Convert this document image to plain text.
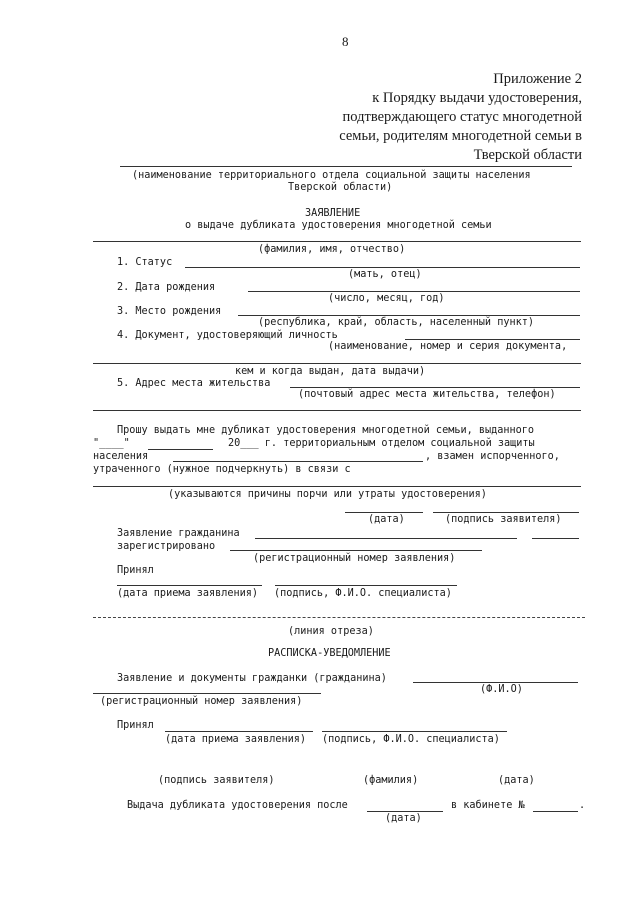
8
Приложение 2
к Порядку выдачи удостоверения,
подтверждающего статус многодетной
семьи, родителям многодетной семьи в
Тверской области
(наименование территориального отдела социальной защиты населения
Тверской области)
ЗАЯВЛЕНИЕ
о выдаче дубликата удостоверения многодетной семьи
(фамилия, имя, отчество)
1. Статус
(мать, отец)
2. Дата рождения
(число, месяц, год)
3. Место рождения
(республика, край, область, населенный пункт)
4. Документ, удостоверяющий личность
(наименование, номер и серия документа,
кем и когда выдан, дата выдачи)
5. Адрес места жительства
(почтовый адрес места жительства, телефон)
Прошу выдать мне дубликат удостоверения многодетной семьи, выданного
"____"	20___ г. территориальным отделом социальной защиты
населения	, взамен испорченного,
утраченного (нужное подчеркнуть) в связи с
(указываются причины порчи или утраты удостоверения)
(дата)	(подпись заявителя)
Заявление гражданина
зарегистрировано
(регистрационный номер заявления)
Принял
(дата приема заявления) (подпись, Ф.И.О. специалиста)
(линия отреза)
РАСПИСКА-УВЕДОМЛЕНИЕ
Заявление и документы гражданки (гражданина)
(Ф.И.О)
(регистрационный номер заявления)
Принял
(дата приема заявления) (подпись, Ф.И.О. специалиста)
(подпись заявителя)	(фамилия)	(дата)
Выдача дубликата удостоверения после	в кабинете №	.
(дата)
